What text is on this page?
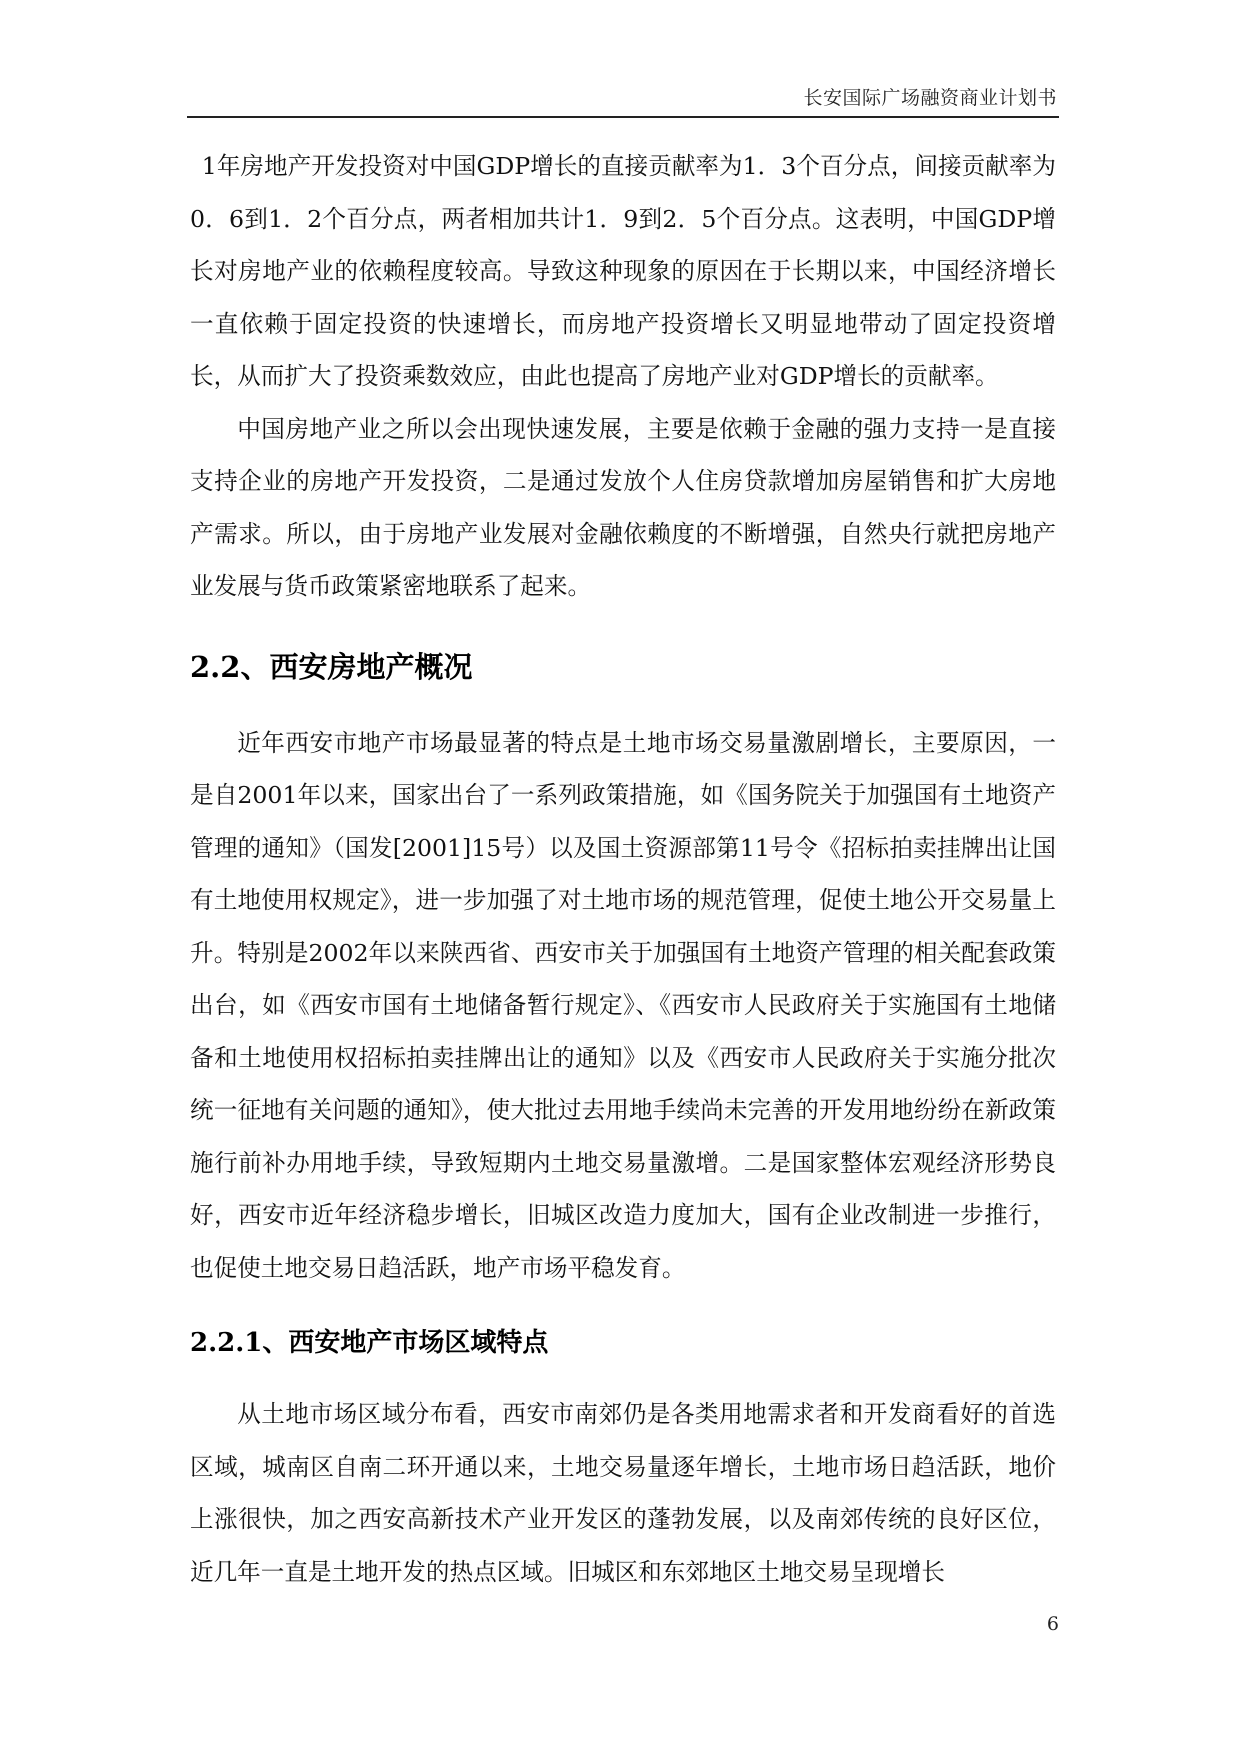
长安国际广场融资商业计划书

1年房地产开发投资对中国GDP增长的直接贡献率为1．3个百分点，间接贡献率为0．6到1．2个百分点，两者相加共计1．9到2．5个百分点。这表明，中国GDP增长对房地产业的依赖程度较高。导致这种现象的原因在于长期以来，中国经济增长一直依赖于固定投资的快速增长，而房地产投资增长又明显地带动了固定投资增长，从而扩大了投资乘数效应，由此也提高了房地产业对GDP增长的贡献率。

中国房地产业之所以会出现快速发展，主要是依赖于金融的强力支持一是直接支持企业的房地产开发投资，二是通过发放个人住房贷款增加房屋销售和扩大房地产需求。所以，由于房地产业发展对金融依赖度的不断增强，自然央行就把房地产业发展与货币政策紧密地联系了起来。

2.2、西安房地产概况

近年西安市地产市场最显著的特点是土地市场交易量激剧增长，主要原因，一是自2001年以来，国家出台了一系列政策措施，如《国务院关于加强国有土地资产管理的通知》（国发[2001]15号）以及国土资源部第11号令《招标拍卖挂牌出让国有土地使用权规定》，进一步加强了对土地市场的规范管理，促使土地公开交易量上升。特别是2002年以来陕西省、西安市关于加强国有土地资产管理的相关配套政策出台，如《西安市国有土地储备暂行规定》、《西安市人民政府关于实施国有土地储备和土地使用权招标拍卖挂牌出让的通知》以及《西安市人民政府关于实施分批次统一征地有关问题的通知》，使大批过去用地手续尚未完善的开发用地纷纷在新政策施行前补办用地手续，导致短期内土地交易量激增。二是国家整体宏观经济形势良好，西安市近年经济稳步增长，旧城区改造力度加大，国有企业改制进一步推行，也促使土地交易日趋活跃，地产市场平稳发育。

2.2.1、西安地产市场区域特点

从土地市场区域分布看，西安市南郊仍是各类用地需求者和开发商看好的首选区域，城南区自南二环开通以来，土地交易量逐年增长，土地市场日趋活跃，地价上涨很快，加之西安高新技术产业开发区的蓬勃发展，以及南郊传统的良好区位，近几年一直是土地开发的热点区域。旧城区和东郊地区土地交易呈现增长

6
